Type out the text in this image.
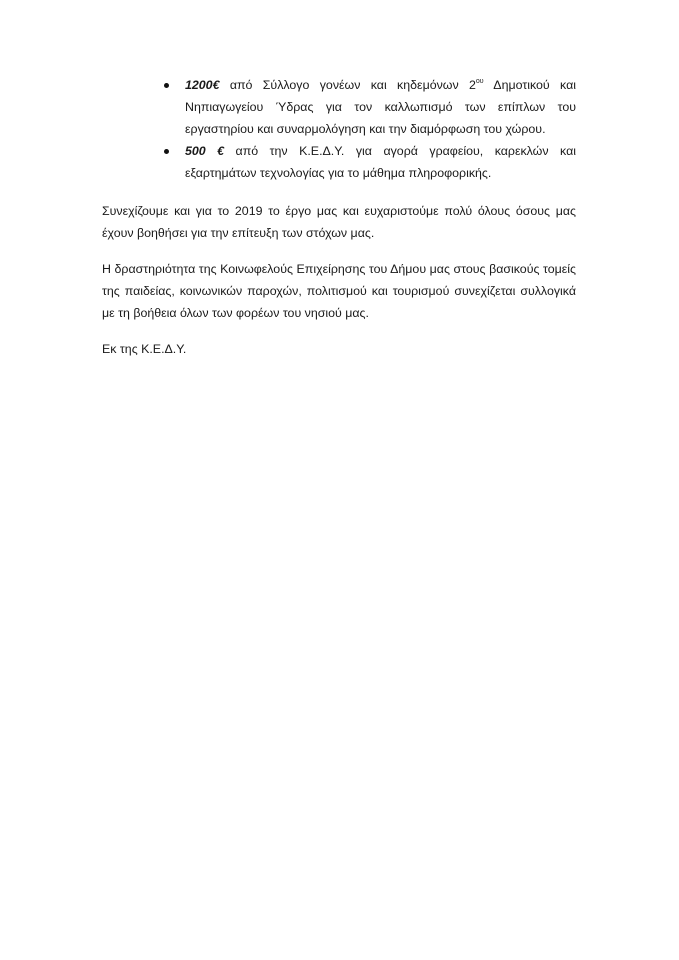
1200€ από Σύλλογο γονέων και κηδεμόνων $2^{o\upsilon}$ Δημοτικού και Νηπιαγωγείου Ύδρας για τον καλλωπισμό των επίπλων του εργαστηρίου και συναρμολόγηση και την διαμόρφωση του χώρου.
500 € από την Κ.Ε.Δ.Υ. για αγορά γραφείου, καρεκλών και εξαρτημάτων τεχνολογίας για το μάθημα πληροφορικής.

Συνεχίζουμε και για το 2019 το έργο μας και ευχαριστούμε πολύ όλους όσους μας έχουν βοηθήσει για την επίτευξη των στόχων μας.

Η δραστηριότητα της Κοινωφελούς Επιχείρησης του Δήμου μας στους βασικούς τομείς της παιδείας, κοινωνικών παροχών, πολιτισμού και τουρισμού συνεχίζεται συλλογικά με τη βοήθεια όλων των φορέων του νησιού μας.

Εκ της Κ.Ε.Δ.Υ.
